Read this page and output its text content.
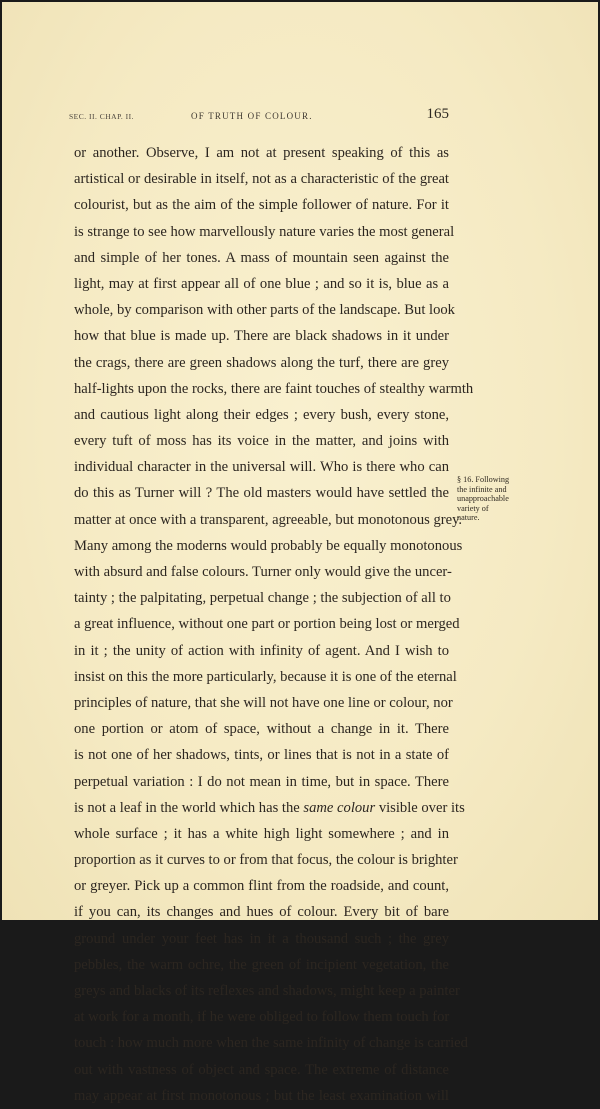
SEC. II. CHAP. II.	OF TRUTH OF COLOUR.	165
or another. Observe, I am not at present speaking of this as
artistical or desirable in itself, not as a characteristic of the great
colourist, but as the aim of the simple follower of nature. For it
is strange to see how marvellously nature varies the most general
and simple of her tones. A mass of mountain seen against the
light, may at first appear all of one blue ; and so it is, blue as a
whole, by comparison with other parts of the landscape. But look
how that blue is made up. There are black shadows in it under
the crags, there are green shadows along the turf, there are grey
half-lights upon the rocks, there are faint touches of stealthy warmth
and cautious light along their edges ; every bush, every stone,
every tuft of moss has its voice in the matter, and joins with
individual character in the universal will. Who is there who can
do this as Turner will ? The old masters would have settled the
matter at once with a transparent, agreeable, but monotonous grey.
Many among the moderns would probably be equally monotonous
with absurd and false colours. Turner only would give the uncer-
tainty ; the palpitating, perpetual change ; the subjection of all to
a great influence, without one part or portion being lost or merged
in it ; the unity of action with infinity of agent. And I wish to
insist on this the more particularly, because it is one of the eternal
principles of nature, that she will not have one line or colour, nor
one portion or atom of space, without a change in it. There
is not one of her shadows, tints, or lines that is not in a state of
perpetual variation : I do not mean in time, but in space. There
is not a leaf in the world which has the same colour visible over its
whole surface ; it has a white high light somewhere ; and in
proportion as it curves to or from that focus, the colour is brighter
or greyer. Pick up a common flint from the roadside, and count,
if you can, its changes and hues of colour. Every bit of bare
ground under your feet has in it a thousand such ; the grey
pebbles, the warm ochre, the green of incipient vegetation, the
greys and blacks of its reflexes and shadows, might keep a painter
at work for a month, if he were obliged to follow them touch for
touch : how much more when the same infinity of change is carried
out with vastness of object and space. The extreme of distance
may appear at first monotonous ; but the least examination will
§ 16. Following
the infinite and
unapproachable
variety of
nature.
